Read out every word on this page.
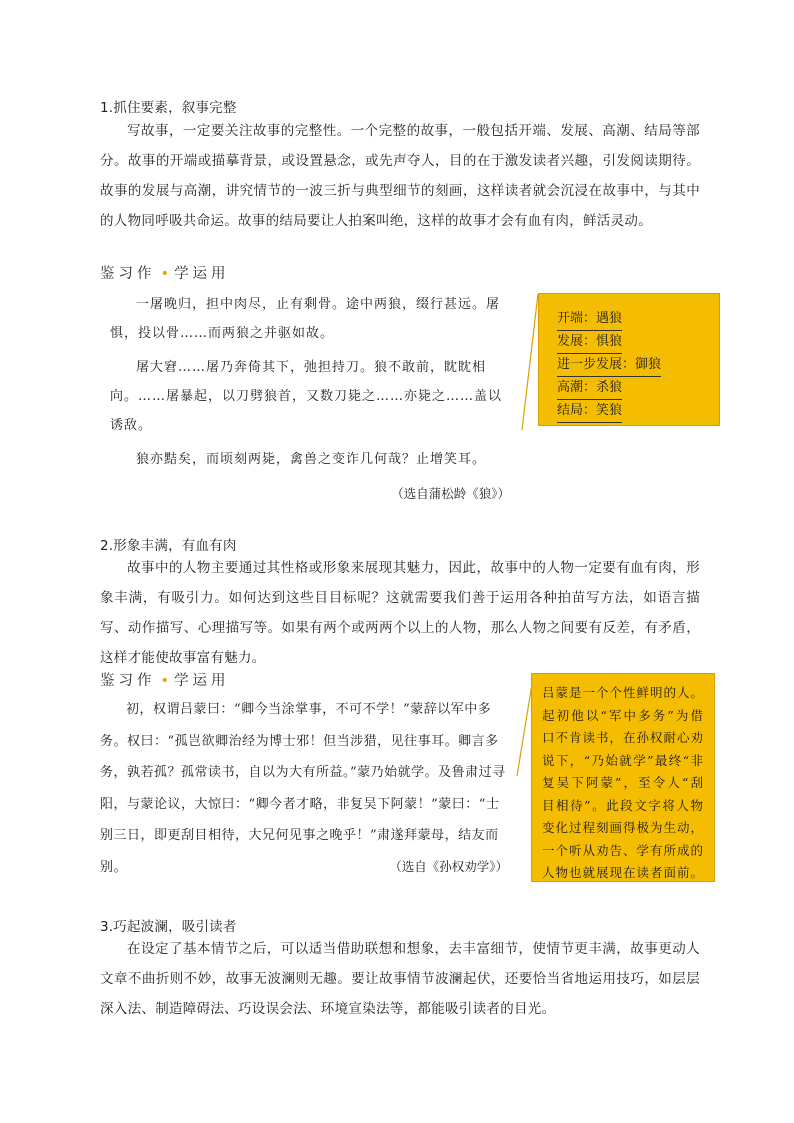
1.抓住要素，叙事完整

写故事，一定要关注故事的完整性。一个完整的故事，一般包括开端、发展、高潮、结局等部分。故事的开端或描摹背景，或设置悬念，或先声夺人，目的在于激发读者兴趣，引发阅读期待。故事的发展与高潮，讲究情节的一波三折与典型细节的刻画，这样读者就会沉浸在故事中，与其中的人物同呼吸共命运。故事的结局要让人拍案叫绝，这样的故事才会有血有肉，鲜活灵动。

鉴习作 • 学运用

一屠晚归，担中肉尽，止有剩骨。途中两狼，缀行甚远。屠惧，投以骨……而两狼之并驱如故。

屠大窘……屠乃奔倚其下，弛担持刀。狼不敢前，眈眈相向。……屠暴起，以刀劈狼首，又数刀毙之……亦毙之……盖以诱敌。

狼亦黠矣，而顷刻两毙，禽兽之变诈几何哉？止增笑耳。

（选自蒲松龄《狼》）
开端：遇狼
发展：惧狼
进一步发展：御狼
高潮：杀狼
结局：笑狼
2.形象丰满，有血有肉

故事中的人物主要通过其性格或形象来展现其魅力，因此，故事中的人物一定要有血有肉，形象丰满，有吸引力。如何达到这些目目标呢？这就需要我们善于运用各种拍苗写方法，如语言描写、动作描写、心理描写等。如果有两个或两两个以上的人物，那么人物之间要有反差，有矛盾，这样才能使故事富有魅力。

鉴习作 • 学运用

初，权谓吕蒙曰：“卿今当涂掌事，不可不学！”蒙辞以军中多务。权曰：“孤岂欲卿治经为博士邪！但当涉猎，见往事耳。卿言多务，孰若孤？孤常读书，自以为大有所益。”蒙乃始就学。及鲁肃过寻阳，与蒙论议，大惊曰：“卿今者才略，非复吴下阿蒙！”蒙曰：“士别三日，即更刮目相待，大兄何见事之晚乎！”肃遂拜蒙母，结友而别。	（选自《孙权劝学》）
吕蒙是一个个性鲜明的人。起初他以“军中多务”为借口不肯读书，在孙权耐心劝说下，“乃始就学”最终“非复吴下阿蒙”，至令人“刮目相待”。此段文字将人物变化过程刻画得极为生动，一个听从劝告、学有所成的人物也就展现在读者面前。
3.巧起波澜，吸引读者

在设定了基本情节之后，可以适当借助联想和想象，去丰富细节，使情节更丰满，故事更动人文章不曲折则不妙，故事无波澜则无趣。要让故事情节波澜起伏，还要恰当省地运用技巧，如层层深入法、制造障碍法、巧设误会法、环境宣染法等，都能吸引读者的目光。
